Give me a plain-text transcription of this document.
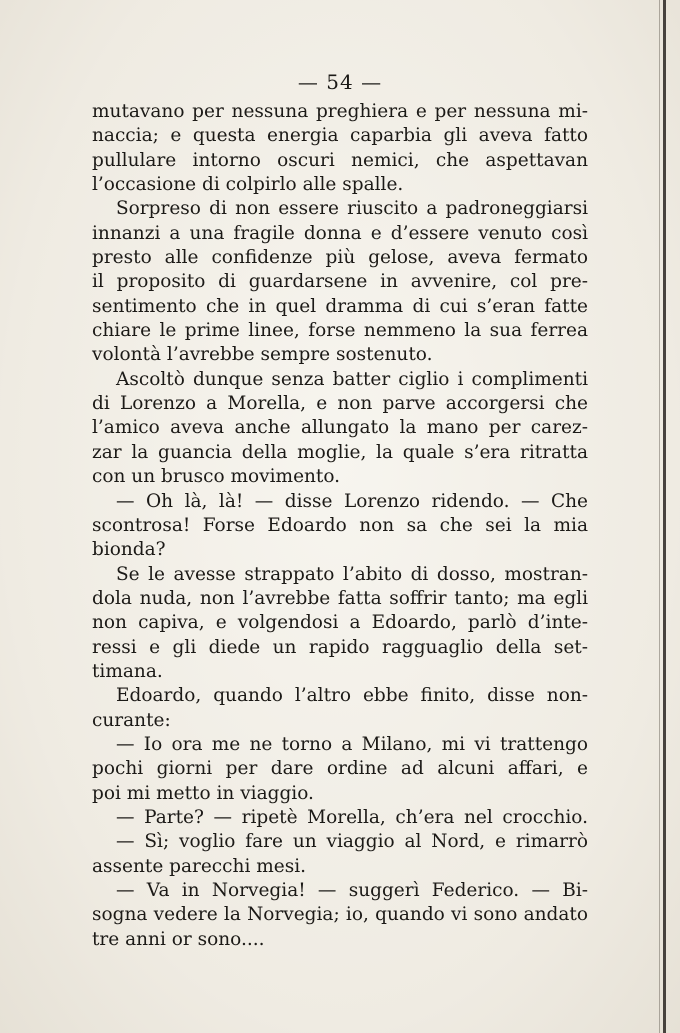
— 54 —
mutavano per nessuna preghiera e per nessuna mi-
naccia; e questa energia caparbia gli aveva fatto
pullulare intorno oscuri nemici, che aspettavan
l’occasione di colpirlo alle spalle.
Sorpreso di non essere riuscito a padroneggiarsi
innanzi a una fragile donna e d’essere venuto così
presto alle confidenze più gelose, aveva fermato
il proposito di guardarsene in avvenire, col pre-
sentimento che in quel dramma di cui s’eran fatte
chiare le prime linee, forse nemmeno la sua ferrea
volontà l’avrebbe sempre sostenuto.
Ascoltò dunque senza batter ciglio i complimenti
di Lorenzo a Morella, e non parve accorgersi che
l’amico aveva anche allungato la mano per carez-
zar la guancia della moglie, la quale s’era ritratta
con un brusco movimento.
— Oh là, là! — disse Lorenzo ridendo. — Che
scontrosa! Forse Edoardo non sa che sei la mia
bionda?
Se le avesse strappato l’abito di dosso, mostran-
dola nuda, non l’avrebbe fatta soffrir tanto; ma egli
non capiva, e volgendosi a Edoardo, parlò d’inte-
ressi e gli diede un rapido ragguaglio della set-
timana.
Edoardo, quando l’altro ebbe finito, disse non-
curante:
— Io ora me ne torno a Milano, mi vi trattengo
pochi giorni per dare ordine ad alcuni affari, e
poi mi metto in viaggio.
— Parte? — ripetè Morella, ch’era nel crocchio.
— Sì; voglio fare un viaggio al Nord, e rimarrò
assente parecchi mesi.
— Va in Norvegia! — suggerì Federico. — Bi-
sogna vedere la Norvegia; io, quando vi sono andato
tre anni or sono....
